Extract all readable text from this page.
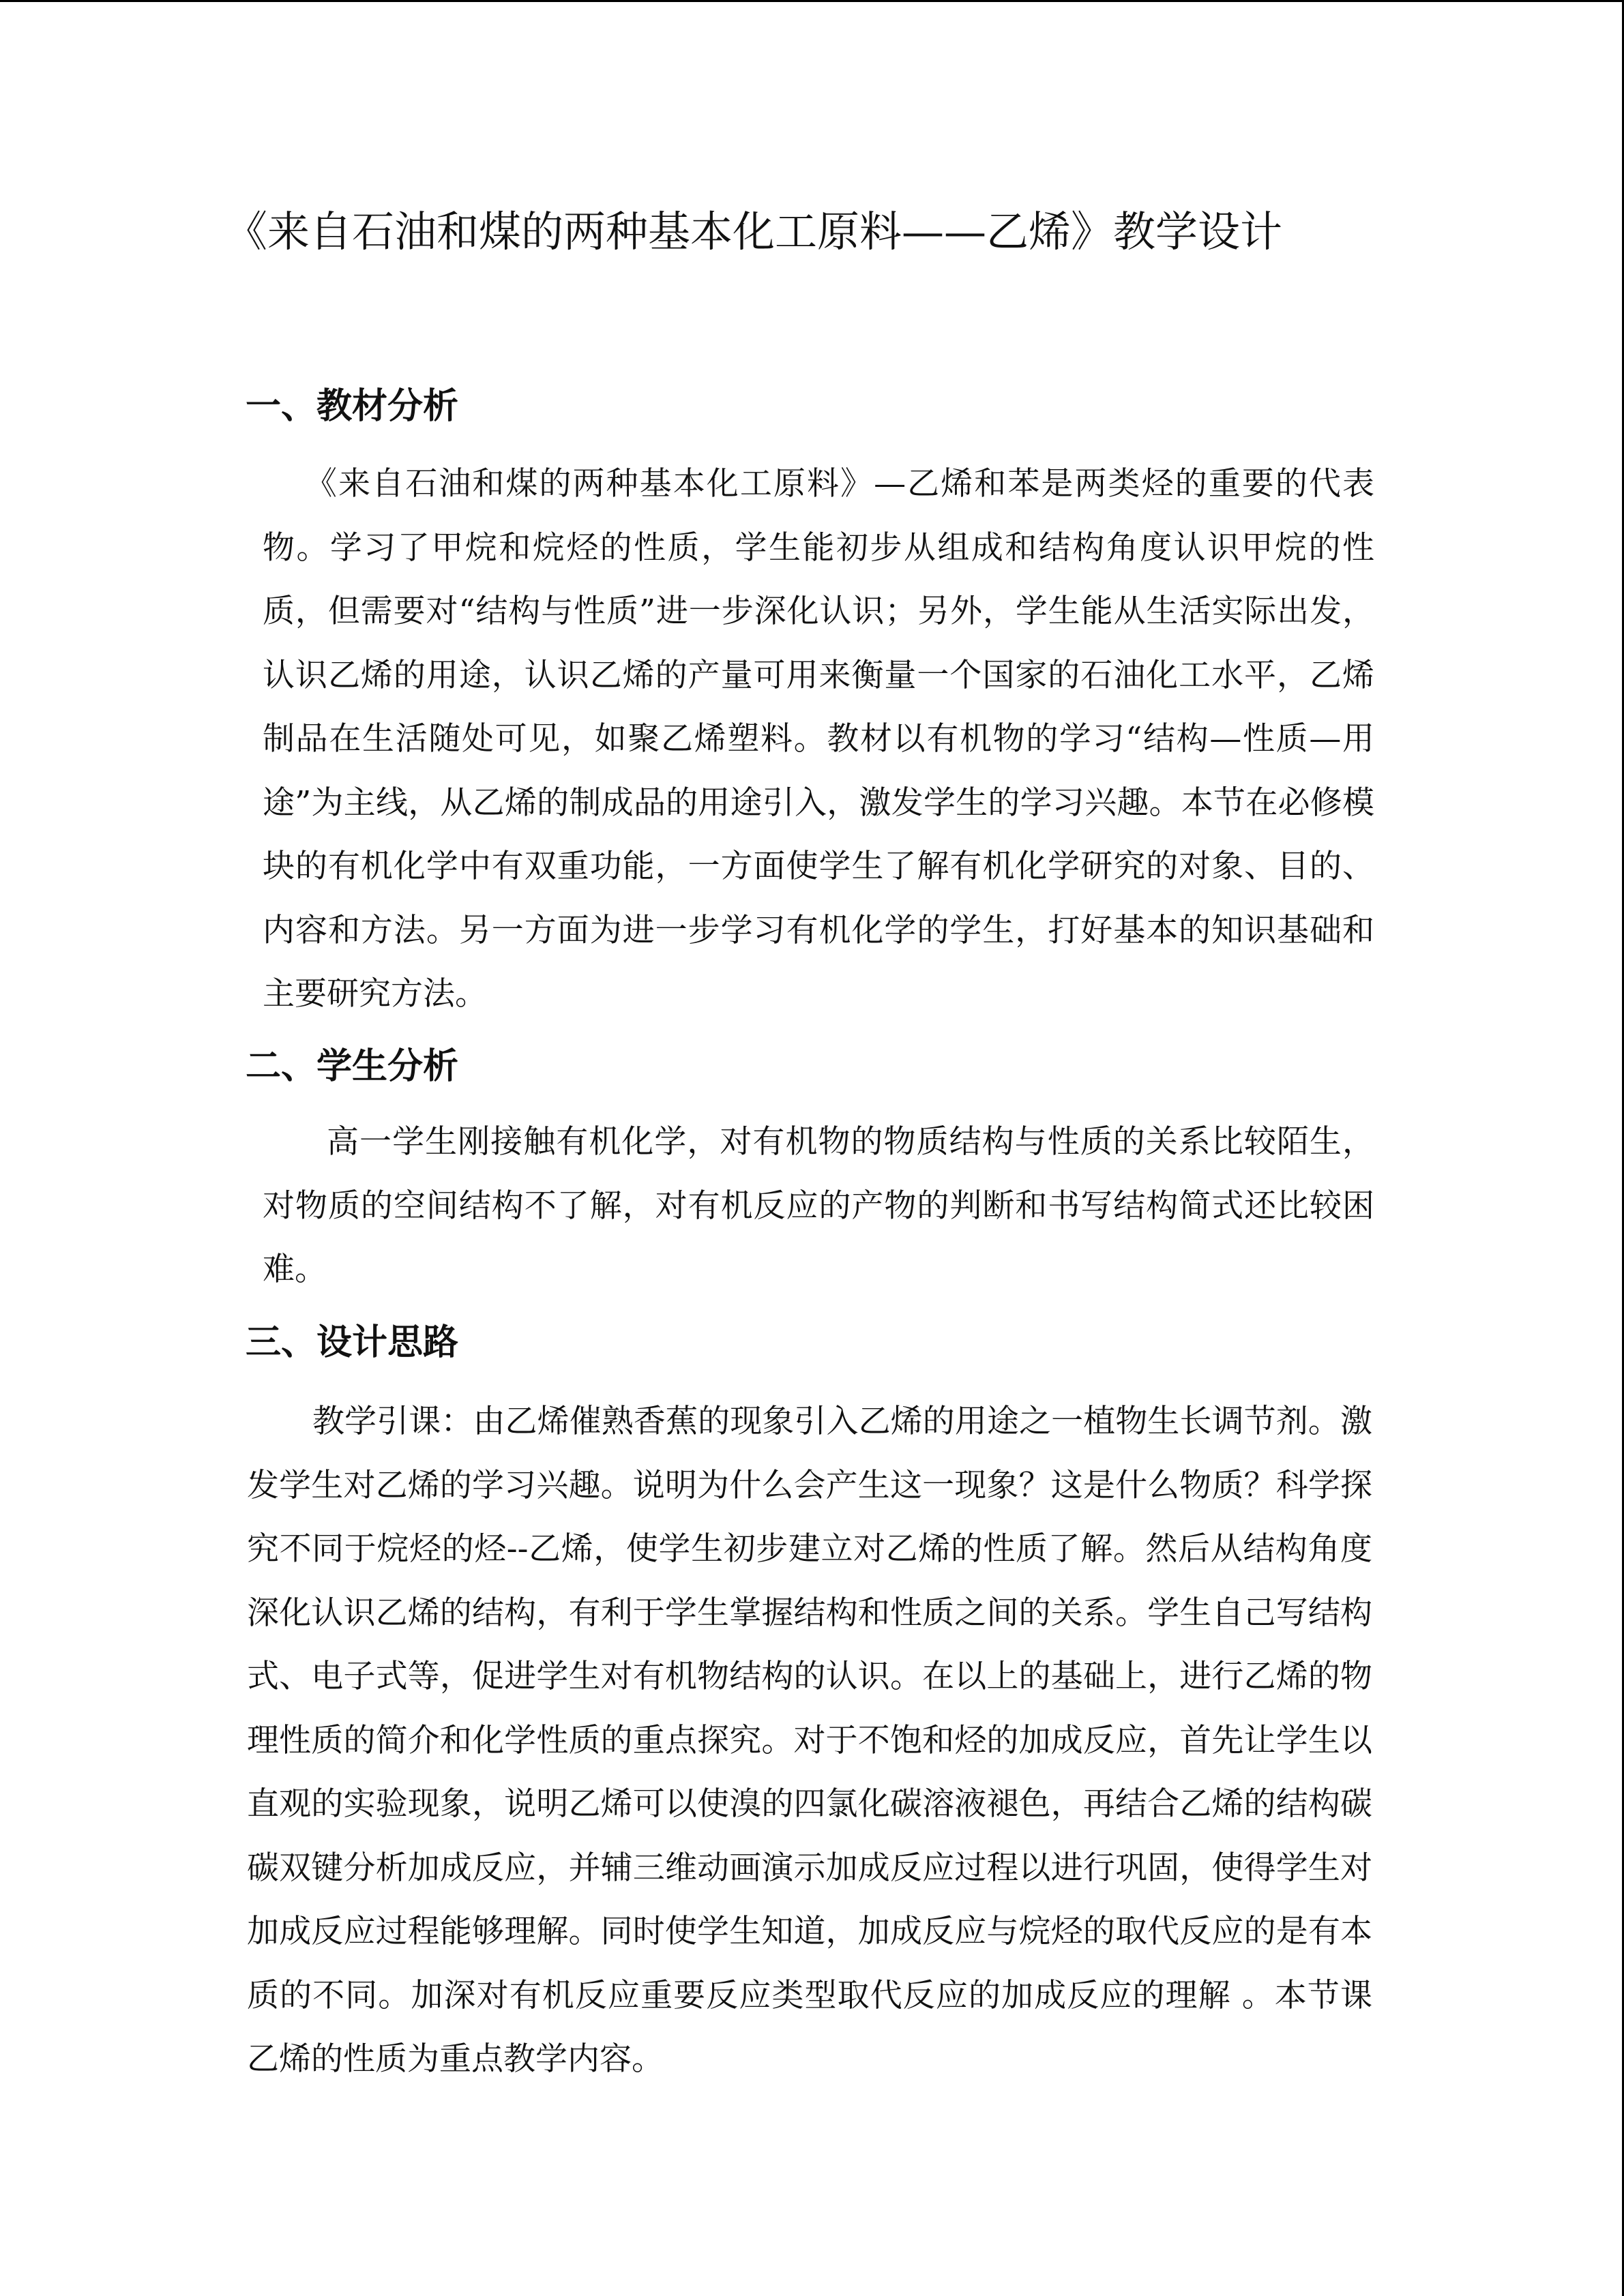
《来自石油和煤的两种基本化工原料——乙烯》教学设计
一、教材分析

《来自石油和煤的两种基本化工原料》—乙烯和苯是两类烃的重要的代表物。学习了甲烷和烷烃的性质，学生能初步从组成和结构角度认识甲烷的性质，但需要对“结构与性质”进一步深化认识；另外，学生能从生活实际出发，认识乙烯的用途，认识乙烯的产量可用来衡量一个国家的石油化工水平，乙烯制品在生活随处可见，如聚乙烯塑料。教材以有机物的学习“结构—性质—用途”为主线，从乙烯的制成品的用途引入，激发学生的学习兴趣。本节在必修模块的有机化学中有双重功能，一方面使学生了解有机化学研究的对象、目的、内容和方法。另一方面为进一步学习有机化学的学生，打好基本的知识基础和主要研究方法。

二、学生分析

高一学生刚接触有机化学，对有机物的物质结构与性质的关系比较陌生，对物质的空间结构不了解，对有机反应的产物的判断和书写结构简式还比较困难。

三、设计思路

教学引课：由乙烯催熟香蕉的现象引入乙烯的用途之一植物生长调节剂。激发学生对乙烯的学习兴趣。说明为什么会产生这一现象？这是什么物质？科学探究不同于烷烃的烃--乙烯，使学生初步建立对乙烯的性质了解。然后从结构角度深化认识乙烯的结构，有利于学生掌握结构和性质之间的关系。学生自己写结构式、电子式等，促进学生对有机物结构的认识。在以上的基础上，进行乙烯的物理性质的简介和化学性质的重点探究。对于不饱和烃的加成反应，首先让学生以直观的实验现象，说明乙烯可以使溴的四氯化碳溶液褪色，再结合乙烯的结构碳碳双键分析加成反应，并辅三维动画演示加成反应过程以进行巩固，使得学生对加成反应过程能够理解。同时使学生知道，加成反应与烷烃的取代反应的是有本质的不同。加深对有机反应重要反应类型取代反应的加成反应的理解 。本节课乙烯的性质为重点教学内容。
